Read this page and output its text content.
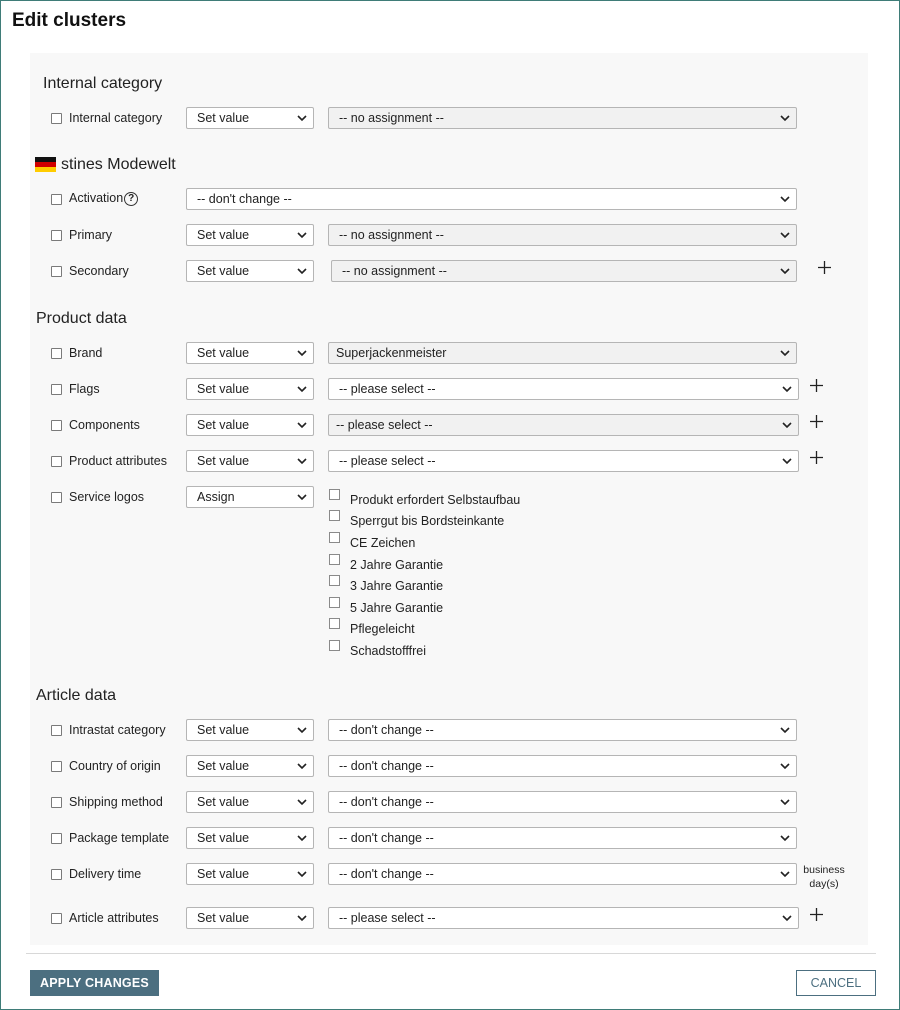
Edit clusters
Internal category
Internal category	Set value	-- no assignment --
stines Modewelt
Activation ?	-- don't change --
Primary	Set value	-- no assignment --
Secondary	Set value	-- no assignment --
Product data
Brand	Set value	Superjackenmeister
Flags	Set value	-- please select --
Components	Set value	-- please select --
Product attributes	Set value	-- please select --
Service logos	Assign	Produkt erfordert Selbstaufbau
Sperrgut bis Bordsteinkante
CE Zeichen
2 Jahre Garantie
3 Jahre Garantie
5 Jahre Garantie
Pflegeleicht
Schadstofffrei
Article data
Intrastat category	Set value	-- don't change --
Country of origin	Set value	-- don't change --
Shipping method	Set value	-- don't change --
Package template	Set value	-- don't change --
Delivery time	Set value	-- don't change --	business
day(s)
Article attributes	Set value	-- please select --
APPLY CHANGES	CANCEL
